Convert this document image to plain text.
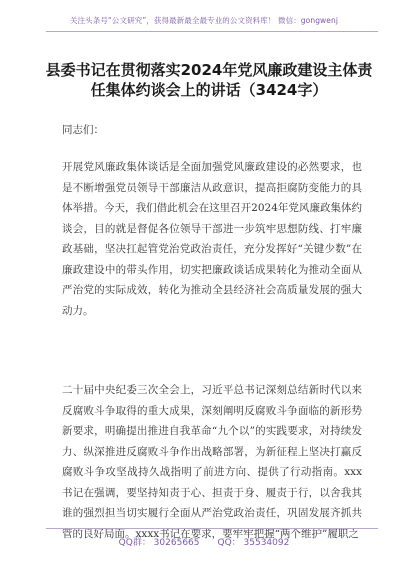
关注头条号“公文研究”，获得最新最全最专业的公文资料库！ 微信：gongwenj
县委书记在贯彻落实2024年党风廉政建设主体责任集体约谈会上的讲话（3424字）
同志们：
开展党风廉政集体谈话是全面加强党风廉政建设的必然要求，也是不断增强党员领导干部廉洁从政意识，提高拒腐防变能力的具体举措。今天，我们借此机会在这里召开2024年党风廉政集体约谈会，目的就是督促各位领导干部进一步筑牢思想防线、打牢廉政基础，坚决扛起管党治党政治责任，充分发挥好“关键少数”在廉政建设中的带头作用，切实把廉政谈话成果转化为推动全面从严治党的实际成效，转化为推动全县经济社会高质量发展的强大动力。
二十届中央纪委三次全会上，习近平总书记深刻总结新时代以来反腐败斗争取得的重大成果，深刻阐明反腐败斗争面临的新形势新要求，明确提出推进自我革命“九个以”的实践要求，对持续发力、纵深推进反腐败斗争作出战略部署，为新征程上坚决打赢反腐败斗争攻坚战持久战指明了前进方向、提供了行动指南。xxx书记在强调，要坚持知责于心、担责于身、履责于行，以舍我其谁的强烈担当切实履行全面从严治党政治责任，巩固发展齐抓共管的良好局面。xxxx书记在要求，要牢牢把握“两个维护”履职之
QQ群： 30265665 QQ： 35534092
